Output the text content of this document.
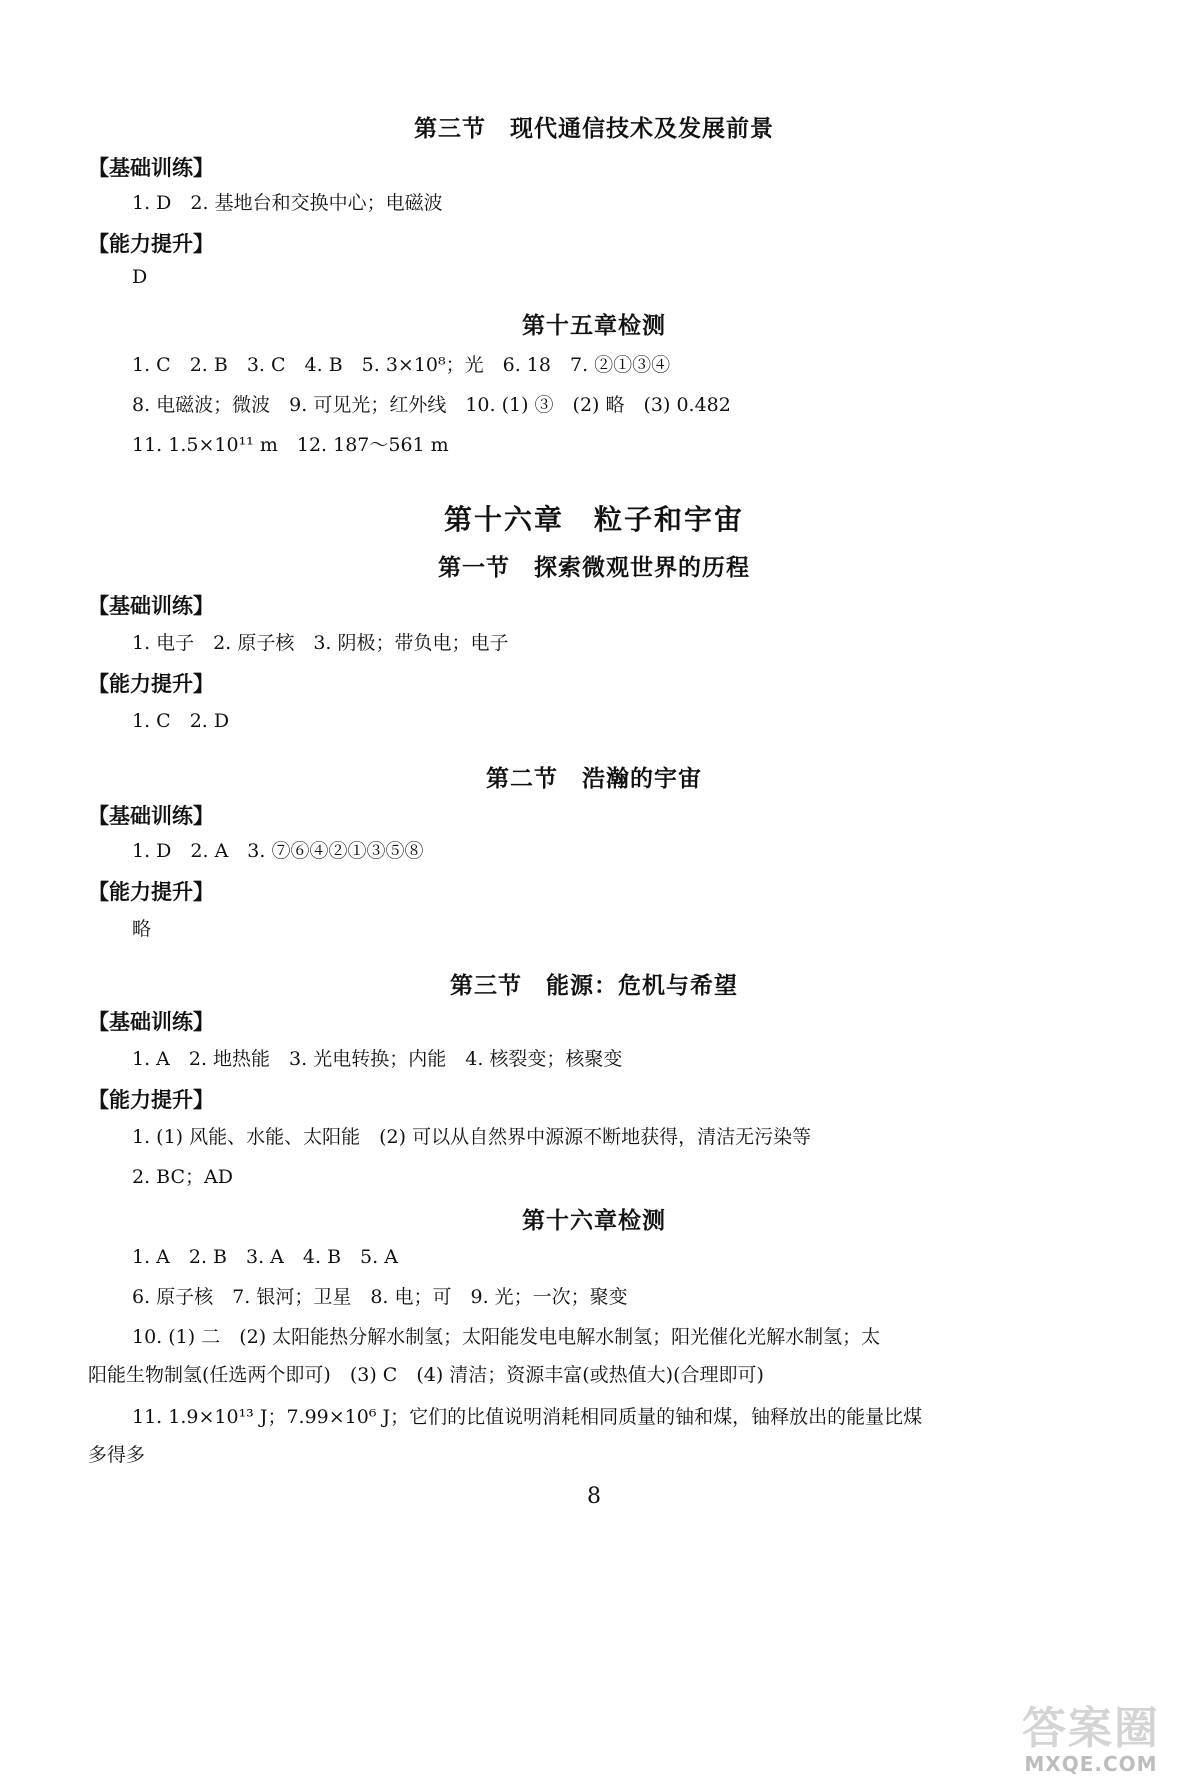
第三节　现代通信技术及发展前景
【基础训练】
1. D　2. 基地台和交换中心；电磁波
【能力提升】
D
第十五章检测
1. C　2. B　3. C　4. B　5. 3×10⁸；光　6. 18　7. ②①③④
8. 电磁波；微波　9. 可见光；红外线　10. (1) ③　(2) 略　(3) 0.482
11. 1.5×10¹¹ m　12. 187～561 m
第十六章　粒子和宇宙
第一节　探索微观世界的历程
【基础训练】
1. 电子　2. 原子核　3. 阴极；带负电；电子
【能力提升】
1. C　2. D
第二节　浩瀚的宇宙
【基础训练】
1. D　2. A　3. ⑦⑥④②①③⑤⑧
【能力提升】
略
第三节　能源：危机与希望
【基础训练】
1. A　2. 地热能　3. 光电转换；内能　4. 核裂变；核聚变
【能力提升】
1. (1) 风能、水能、太阳能　(2) 可以从自然界中源源不断地获得，清洁无污染等
2. BC；AD
第十六章检测
1. A　2. B　3. A　4. B　5. A
6. 原子核　7. 银河；卫星　8. 电；可　9. 光；一次；聚变
10. (1) 二　(2) 太阳能热分解水制氢；太阳能发电电解水制氢；阳光催化光解水制氢；太
阳能生物制氢(任选两个即可)　(3) C　(4) 清洁；资源丰富(或热值大)(合理即可)
11. 1.9×10¹³ J；7.99×10⁶ J；它们的比值说明消耗相同质量的铀和煤，铀释放出的能量比煤
多得多
8
答案圈
MXQE.COM
